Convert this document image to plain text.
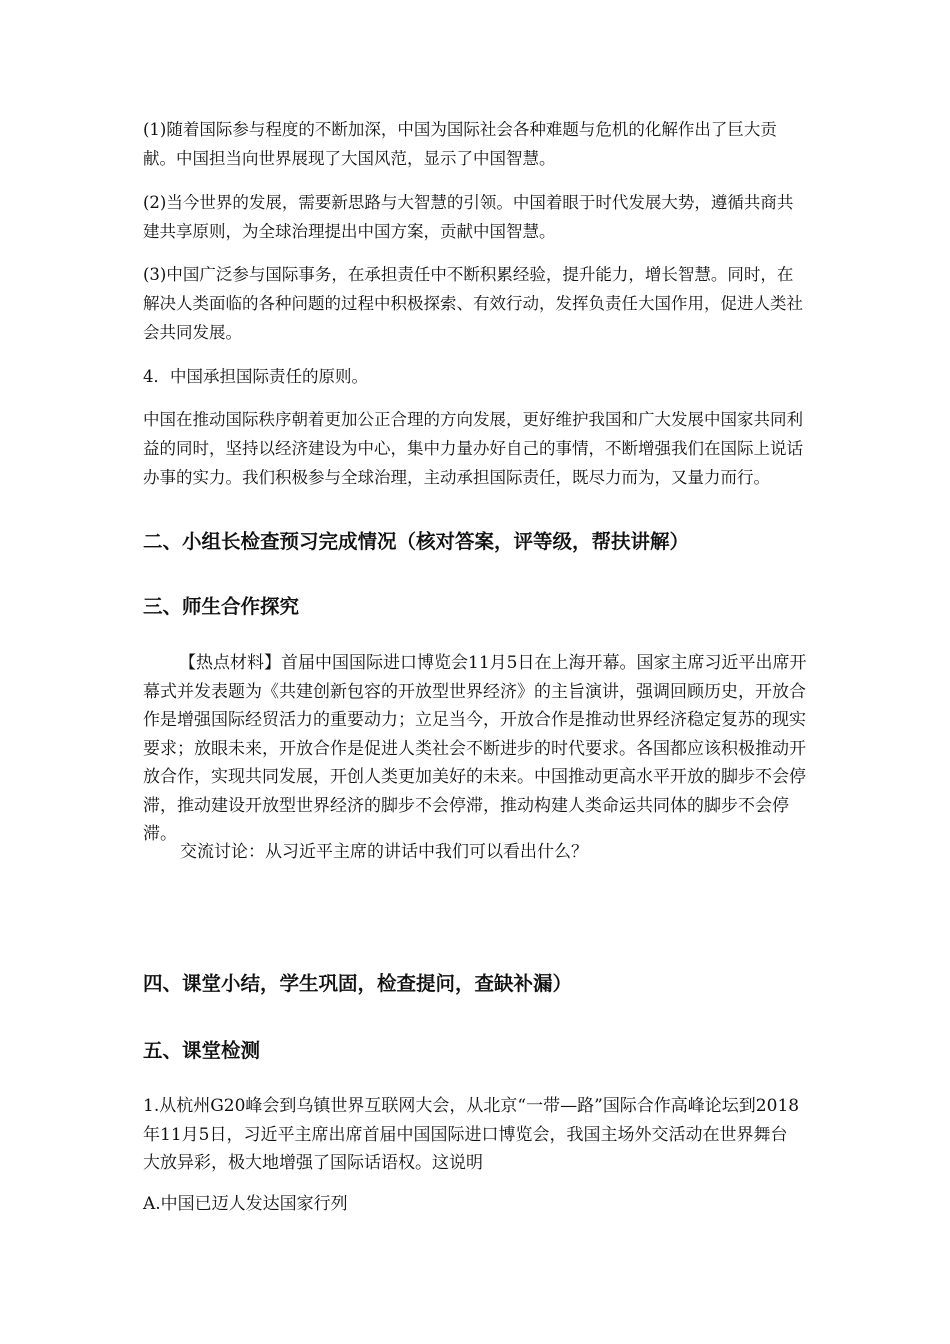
(1)随着国际参与程度的不断加深，中国为国际社会各种难题与危机的化解作出了巨大贡献。中国担当向世界展现了大国风范，显示了中国智慧。
(2)当今世界的发展，需要新思路与大智慧的引领。中国着眼于时代发展大势，遵循共商共建共享原则，为全球治理提出中国方案，贡献中国智慧。
(3)中国广泛参与国际事务，在承担责任中不断积累经验，提升能力，增长智慧。同时，在解决人类面临的各种问题的过程中积极探索、有效行动，发挥负责任大国作用，促进人类社会共同发展。
4．中国承担国际责任的原则。
中国在推动国际秩序朝着更加公正合理的方向发展，更好维护我国和广大发展中国家共同利益的同时，坚持以经济建设为中心，集中力量办好自己的事情，不断增强我们在国际上说话办事的实力。我们积极参与全球治理，主动承担国际责任，既尽力而为，又量力而行。
二、小组长检查预习完成情况（核对答案，评等级，帮扶讲解）
三、师生合作探究
【热点材料】首届中国国际进口博览会11月5日在上海开幕。国家主席习近平出席开幕式并发表题为《共建创新包容的开放型世界经济》的主旨演讲，强调回顾历史，开放合作是增强国际经贸活力的重要动力；立足当今，开放合作是推动世界经济稳定复苏的现实要求；放眼未来，开放合作是促进人类社会不断进步的时代要求。各国都应该积极推动开放合作，实现共同发展，开创人类更加美好的未来。中国推动更高水平开放的脚步不会停滞，推动建设开放型世界经济的脚步不会停滞，推动构建人类命运共同体的脚步不会停滞。
交流讨论：从习近平主席的讲话中我们可以看出什么？
四、课堂小结，学生巩固，检查提问，查缺补漏）
五、课堂检测
1.从杭州G20峰会到乌镇世界互联网大会，从北京“一带—路”国际合作高峰论坛到2018年11月5日，习近平主席出席首届中国国际进口博览会，我国主场外交活动在世界舞台大放异彩，极大地增强了国际话语权。这说明
A.中国已迈人发达国家行列
